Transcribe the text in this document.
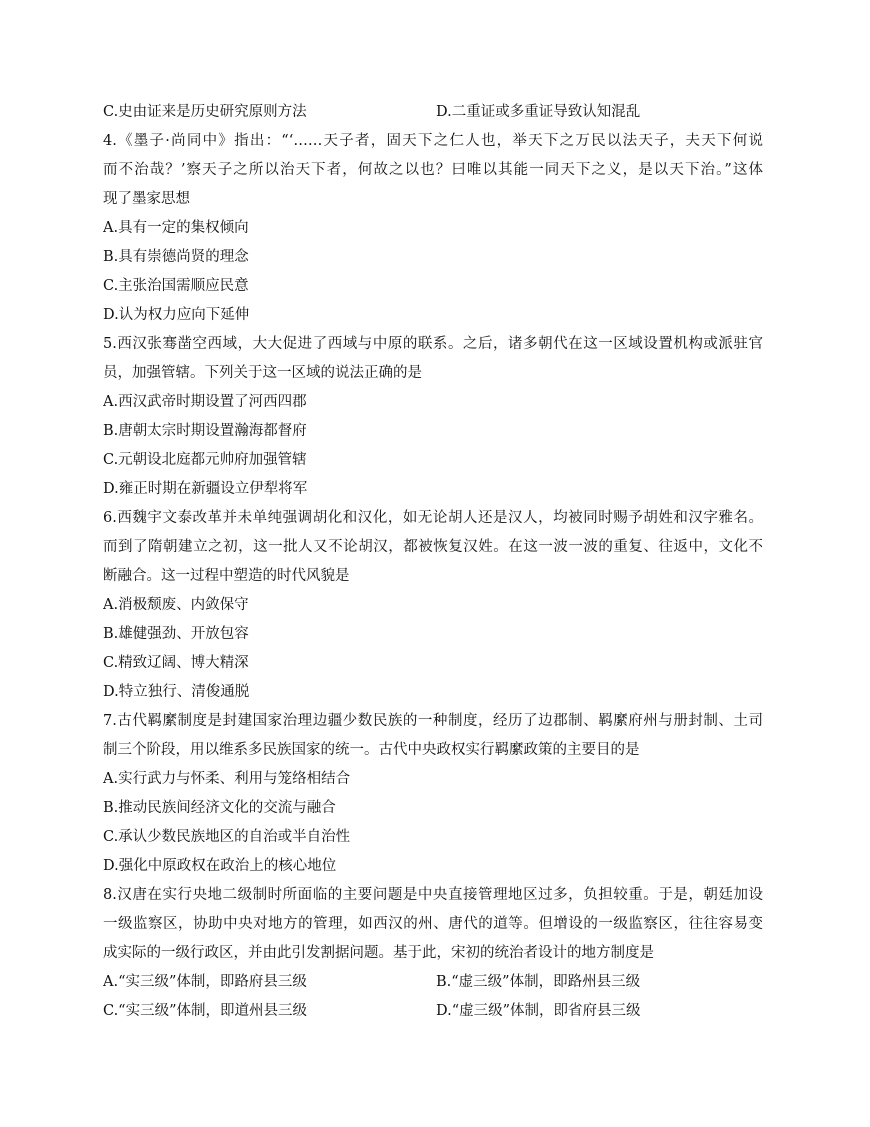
C.史由证来是历史研究原则方法	D.二重证或多重证导致认知混乱
4.《墨子·尚同中》指出：“‘……天子者，固天下之仁人也，举天下之万民以法天子，夫天下何说
而不治哉？’察天子之所以治天下者，何故之以也？曰唯以其能一同天下之义，是以天下治。”这体
现了墨家思想
A.具有一定的集权倾向
B.具有崇德尚贤的理念
C.主张治国需顺应民意
D.认为权力应向下延伸
5.西汉张骞凿空西域，大大促进了西域与中原的联系。之后，诸多朝代在这一区域设置机构或派驻官
员，加强管辖。下列关于这一区域的说法正确的是
A.西汉武帝时期设置了河西四郡
B.唐朝太宗时期设置瀚海都督府
C.元朝设北庭都元帅府加强管辖
D.雍正时期在新疆设立伊犁将军
6.西魏宇文泰改革并未单纯强调胡化和汉化，如无论胡人还是汉人，均被同时赐予胡姓和汉字雅名。
而到了隋朝建立之初，这一批人又不论胡汉，都被恢复汉姓。在这一波一波的重复、往返中，文化不
断融合。这一过程中塑造的时代风貌是
A.消极颓废、内敛保守
B.雄健强劲、开放包容
C.精致辽阔、博大精深
D.特立独行、清俊通脱
7.古代羁縻制度是封建国家治理边疆少数民族的一种制度，经历了边郡制、羁縻府州与册封制、土司
制三个阶段，用以维系多民族国家的统一。古代中央政权实行羁縻政策的主要目的是
A.实行武力与怀柔、利用与笼络相结合
B.推动民族间经济文化的交流与融合
C.承认少数民族地区的自治或半自治性
D.强化中原政权在政治上的核心地位
8.汉唐在实行央地二级制时所面临的主要问题是中央直接管理地区过多，负担较重。于是，朝廷加设
一级监察区，协助中央对地方的管理，如西汉的州、唐代的道等。但增设的一级监察区，往往容易变
成实际的一级行政区，并由此引发割据问题。基于此，宋初的统治者设计的地方制度是
A.“实三级”体制，即路府县三级	B.“虚三级”体制，即路州县三级
C.“实三级”体制，即道州县三级	D.“虚三级”体制，即省府县三级
